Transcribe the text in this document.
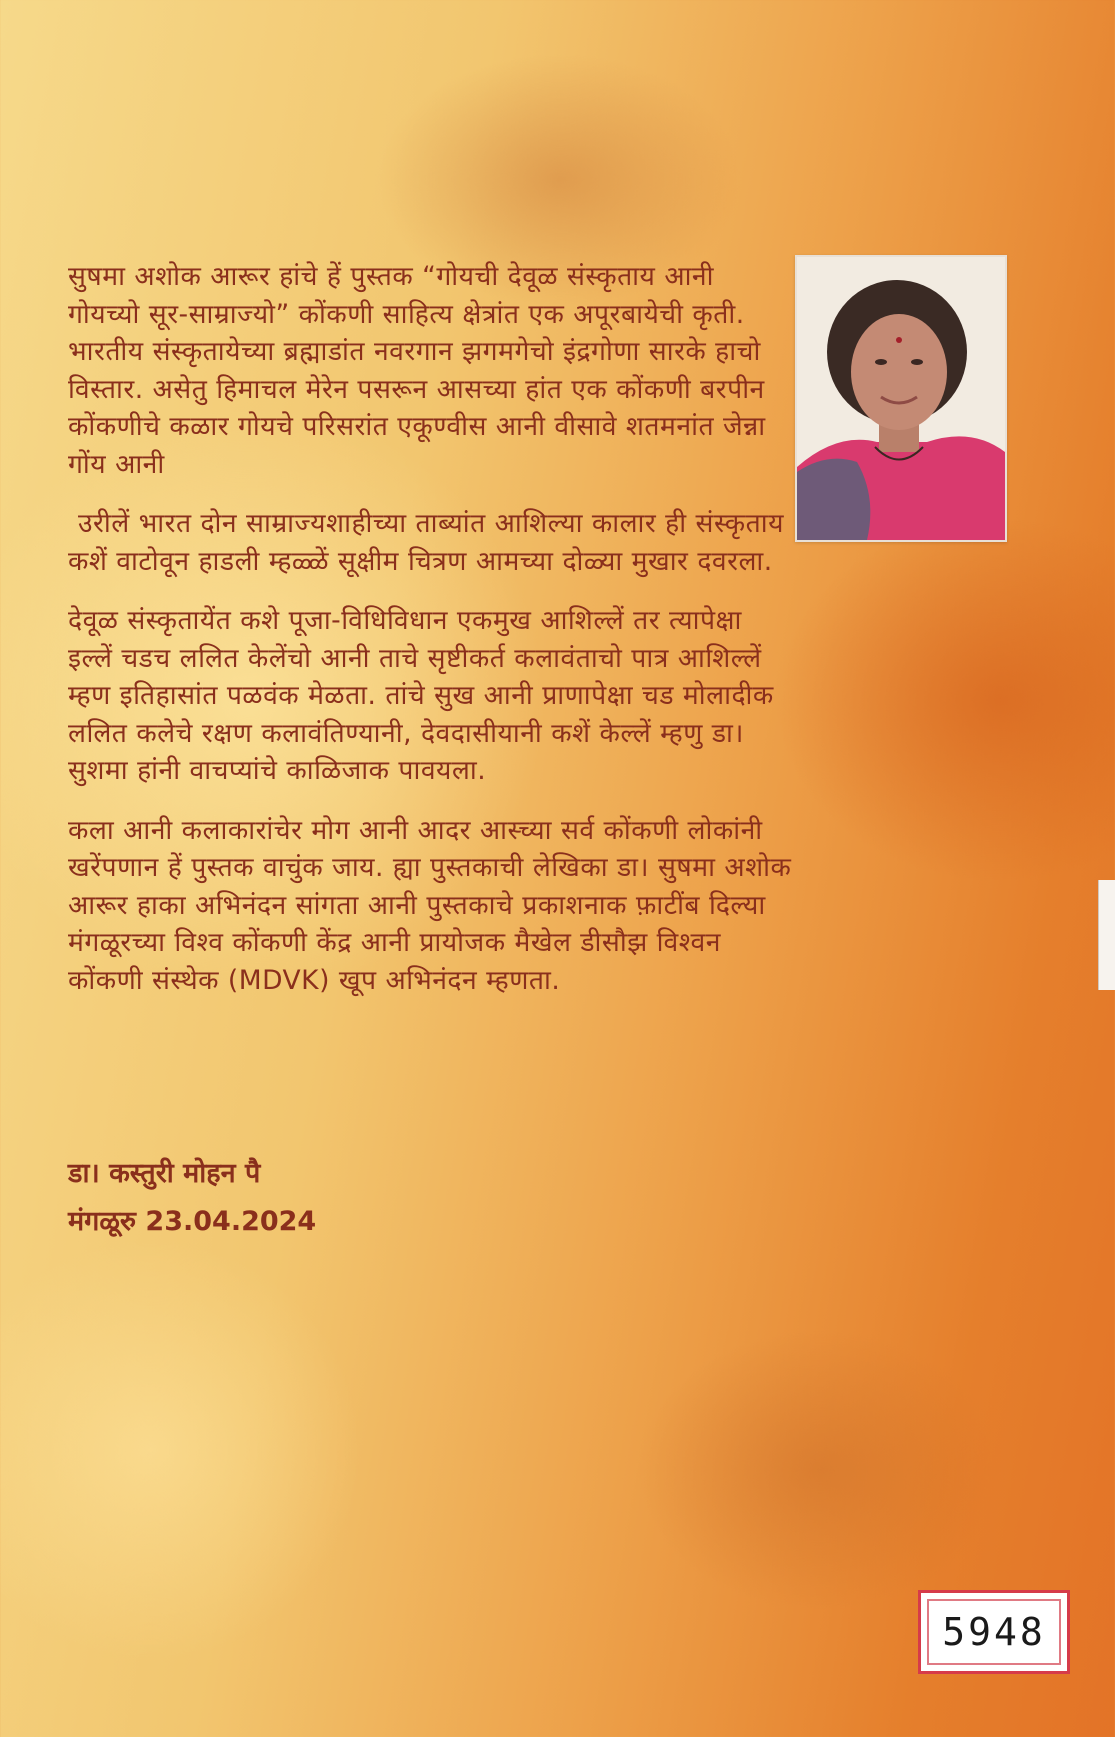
सुषमा अशोक आरूर हांचे हें पुस्तक “गोयची देवूळ संस्कृताय आनी गोयच्यो सूर-साम्राज्यो” कोंकणी साहित्य क्षेत्रांत एक अपूरबायेची कृती. भारतीय संस्कृतायेच्या ब्रह्माडांत नवरगान झगमगेचो इंद्रगोणा सारके हाचो विस्तार. असेतु हिमाचल मेरेन पसरून आसच्या हांत एक कोंकणी बरपीन कोंकणीचे कळार गोयचे परिसरांत एकूण्वीस आनी वीसावे शतमनांत जेन्ना गोंय आनी

उरीलें भारत दोन साम्राज्यशाहीच्या ताब्यांत आशिल्या कालार ही संस्कृताय कशें वाटोवून हाडली म्हळ्ळें सूक्षीम चित्रण आमच्या दोळ्या मुखार दवरला.

देवूळ संस्कृतायेंत कशे पूजा-विधिविधान एकमुख आशिल्लें तर त्यापेक्षा इल्लें चडच ललित केलेंचो आनी ताचे सृष्टीकर्त कलावंताचो पात्र आशिल्लें म्हण इतिहासांत पळवंक मेळता. तांचे सुख आनी प्राणापेक्षा चड मोलादीक ललित कलेचे रक्षण कलावंतिण्यानी, देवदासीयानी कशें केल्लें म्हणु डा। सुशमा हांनी वाचप्यांचे काळिजाक पावयला.

कला आनी कलाकारांचेर मोग आनी आदर आस्च्या सर्व कोंकणी लोकांनी खरेंपणान हें पुस्तक वाचुंक जाय. ह्या पुस्तकाची लेखिका डा। सुषमा अशोक आरूर हाका अभिनंदन सांगता आनी पुस्तकाचे प्रकाशनाक फ़ाटींब दिल्या मंगळूरच्या विश्व कोंकणी केंद्र आनी प्रायोजक मैखेल डीसौझ विश्वन कोंकणी संस्थेक (MDVK) खूप अभिनंदन म्हणता.

डा। कस्तुरी मोहन पै
मंगळूरु 23.04.2024
5948
